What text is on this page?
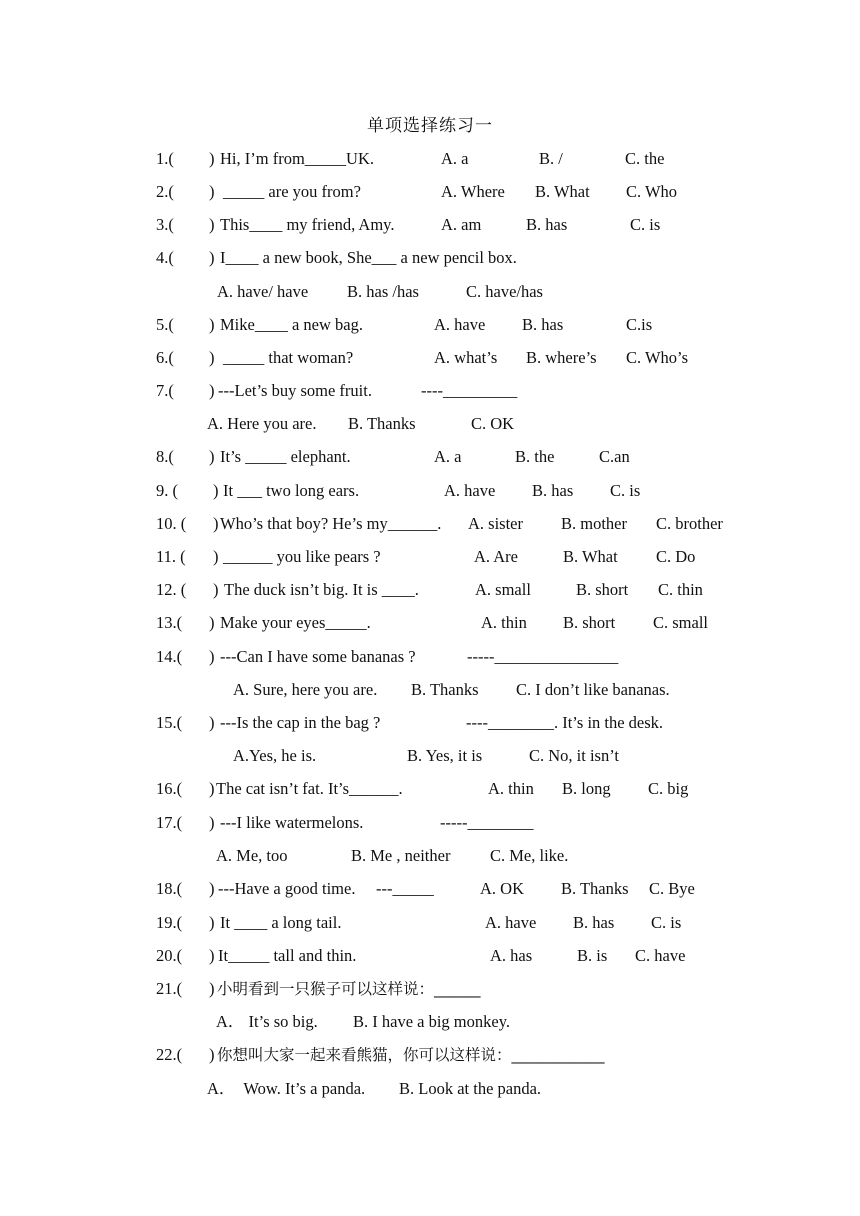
单项选择练习一

1.(

)

Hi, I’m from_____UK.

	A. a

	B. /

	C. the

2.(

)

_____ are you from?

	A. Where

B. What

C. Who

3.(

)

This____ my friend, Amy.

	A. am

	B. has

	C. is

4.(

)

I____ a new book, She___ a new pencil box.

A. have/ have

B. has /has

	C. have/has

5.(

)

Mike____ a new bag.

	A. have

B. has

	C.is

6.(

)

_____ that woman?

	A. what’s

B. where’s

C. Who’s

7.(

)

---Let’s buy some fruit.

	----_________

A. Here you are.

B. Thanks

	C. OK

8.(

)

It’s _____ elephant.

	A. a

	B. the

	C.an

9. (

)

It ___ two long ears.

	A. have

B. has

C. is

10. (

)

Who’s that boy? He’s my______.

A. sister

B. mother

C. brother

11. (

)

______ you like pears ?

	A. Are

	B. What

C. Do

12. (

)

The duck isn’t big. It is ____.

	A. small

	B. short

C. thin

13.(

)

Make your eyes_____.

	A. thin

B. short

C. small

14.(

)

---Can I have some bananas ?

	-----_______________

A. Sure, here you are.

B. Thanks

C. I don’t like bananas.

15.(

)

---Is the cap in the bag ?

	----________. It’s in the desk.

A.Yes, he is.

	B. Yes, it is

	C. No, it isn’t

16.(

)

The cat isn’t fat. It’s______.

	A. thin

B. long

C. big

17.(

)

---I like watermelons.

	-----________

A. Me, too

	B. Me , neither

C. Me, like.

18.(

)

---Have a good time.

---_____

	A. OK

B. Thanks

C. Bye

19.(

)

It ____ a long tail.

	A. have

B. has

C. is

20.(

)

It_____ tall and thin.

	A. has

	B. is

C. have

21.(

)

小明看到一只猴子可以这样说：______

A． It’s so big.

B. I have a big monkey.

22.(

)

你想叫大家一起来看熊猫，你可以这样说：____________

A．  Wow. It’s a panda.

B. Look at the panda.
